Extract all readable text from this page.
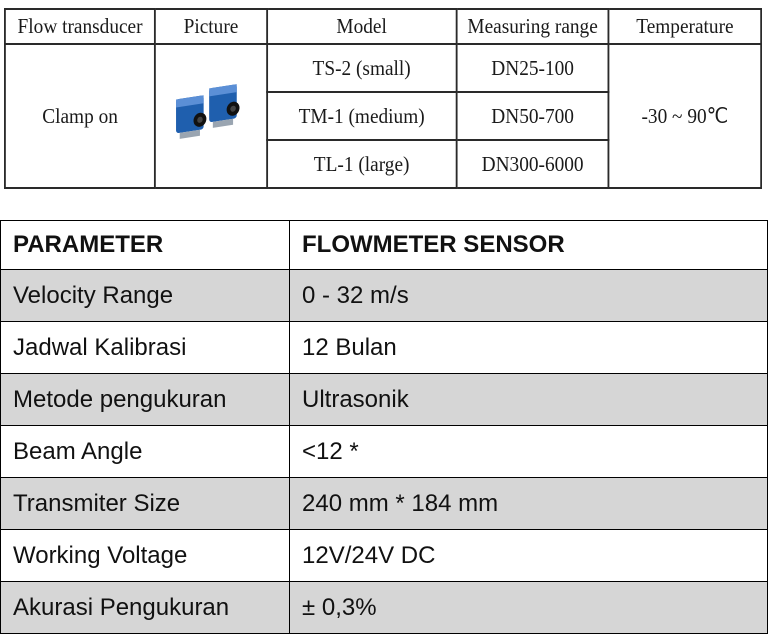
Flow transducer	Picture	Model	Measuring range	Temperature
Clamp on		TS-2 (small)	DN25-100	-30 ~ 90℃
		TM-1 (medium)	DN50-700	
		TL-1 (large)	DN300-6000	
PARAMETER	FLOWMETER SENSOR
Velocity Range	0 - 32 m/s
Jadwal Kalibrasi	12 Bulan
Metode pengukuran	Ultrasonik
Beam Angle	<12 *
Transmiter Size	240 mm * 184 mm
Working Voltage	12V/24V DC
Akurasi Pengukuran	± 0,3%
